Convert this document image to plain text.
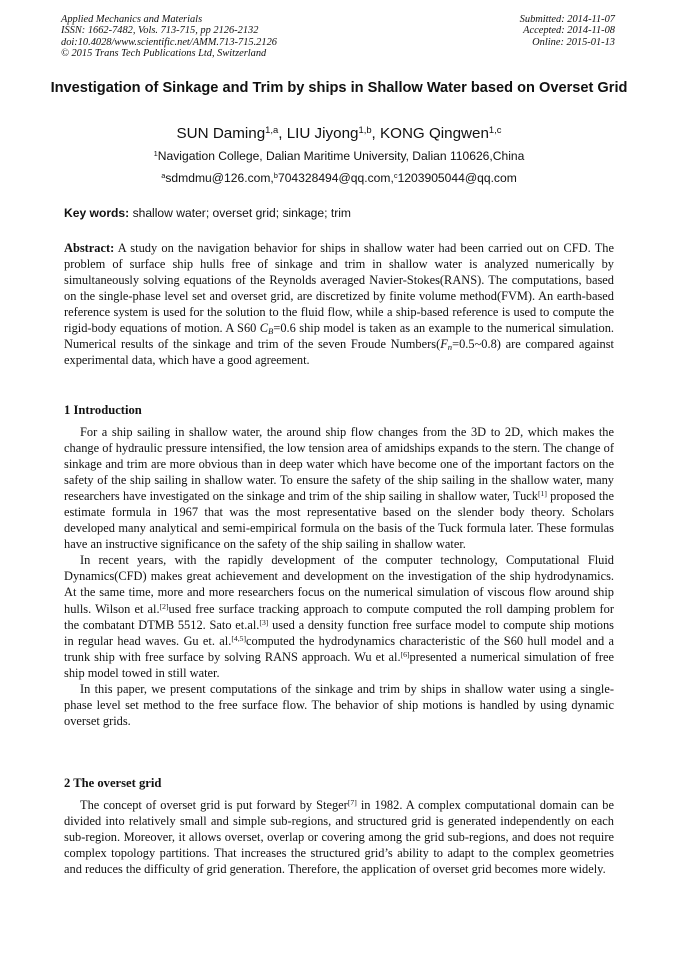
Applied Mechanics and Materials
ISSN: 1662-7482, Vols. 713-715, pp 2126-2132
doi:10.4028/www.scientific.net/AMM.713-715.2126
© 2015 Trans Tech Publications Ltd, Switzerland
Submitted: 2014-11-07
Accepted: 2014-11-08
Online: 2015-01-13
Investigation of Sinkage and Trim by ships in Shallow Water based on Overset Grid
SUN Daming$^{1,a}$, LIU Jiyong$^{1,b}$, KONG Qingwen$^{1,c}$
$^1$Navigation College, Dalian Maritime University, Dalian 110626,China
$^a$sdmdmu@126.com,$^b$704328494@qq.com,$^c$1203905044@qq.com
Key words: shallow water; overset grid; sinkage; trim
Abstract: A study on the navigation behavior for ships in shallow water had been carried out on CFD. The problem of surface ship hulls free of sinkage and trim in shallow water is analyzed numerically by simultaneously solving equations of the Reynolds averaged Navier-Stokes(RANS). The computations, based on the single-phase level set and overset grid, are discretized by finite volume method(FVM). An earth-based reference system is used for the solution to the fluid flow, while a ship-based reference is used to compute the rigid-body equations of motion. A S60 $C_B=0.6$ ship model is taken as an example to the numerical simulation. Numerical results of the sinkage and trim of the seven Froude $Numbers(F_n=0.5\sim 0.8)$ are compared against experimental data, which have a good agreement.
1 Introduction

For a ship sailing in shallow water, the around ship flow changes from the 3D to 2D, which makes the change of hydraulic pressure intensified, the low tension area of amidships expands to the stern. The change of sinkage and trim are more obvious than in deep water which have become one of the important factors on the safety of the ship sailing in shallow water. To ensure the safety of the ship sailing in the shallow water, many researchers have investigated on the sinkage and trim of the ship sailing in shallow water, Tuck[1] proposed the estimate formula in 1967 that was the most representative based on the slender body theory. Scholars developed many analytical and semi-empirical formula on the basis of the Tuck formula later. These formulas have an instructive significance on the safety of the ship sailing in shallow water.

In recent years, with the rapidly development of the computer technology, Computational Fluid Dynamics(CFD) makes great achievement and development on the investigation of the ship hydrodynamics. At the same time, more and more researchers focus on the numerical simulation of viscous flow around ship hulls. Wilson et al.[2]used free surface tracking approach to compute computed the roll damping problem for the combatant DTMB 5512. Sato et.al.[3] used a density function free surface model to compute ship motions in regular head waves. Gu et. al.[4,5]computed the hydrodynamics characteristic of the S60 hull model and a trunk ship with free surface by solving RANS approach. Wu et al.[6]presented a numerical simulation of free ship model towed in still water.

In this paper, we present computations of the sinkage and trim by ships in shallow water using a single-phase level set method to the free surface flow. The behavior of ship motions is handled by using dynamic overset grids.

2 The overset grid

The concept of overset grid is put forward by Steger[7] in 1982. A complex computational domain can be divided into relatively small and simple sub-regions, and structured grid is generated independently on each sub-region. Moreover, it allows overset, overlap or covering among the grid sub-regions, and does not require complex topology partitions. That increases the structured grid’s ability to adapt to the complex geometries and reduces the difficulty of grid generation. Therefore, the application of overset grid becomes more widely.
